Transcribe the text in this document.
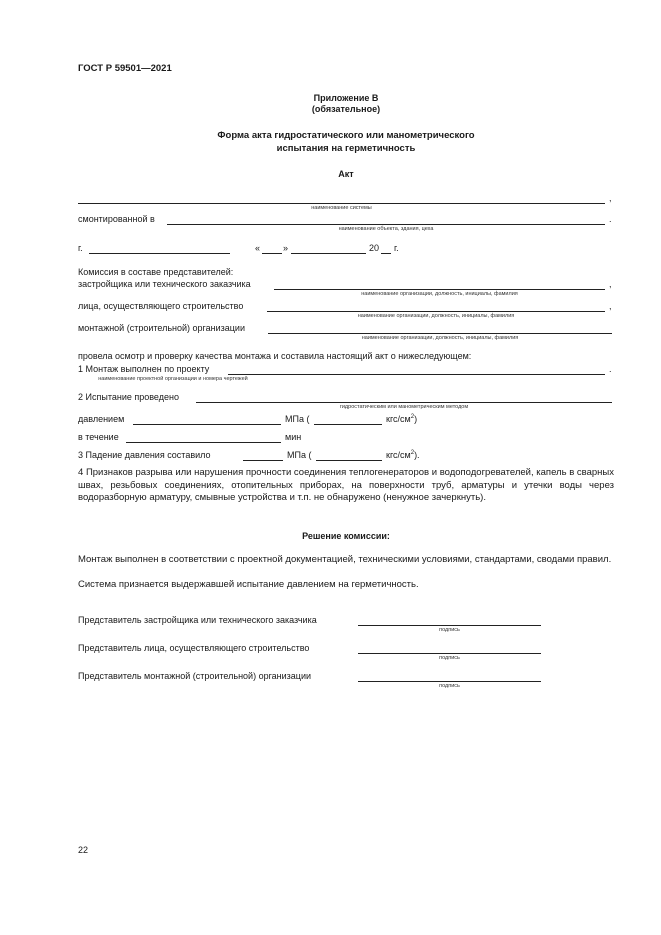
ГОСТ Р 59501—2021
Приложение В
(обязательное)
Форма акта гидростатического или манометрического
испытания на герметичность
Акт
,
наименование системы
смонтированной в	.
наименование объекта, здания, цеха
г.	«	»	20 г.
Комиссия в составе представителей:
застройщика или технического заказчика	,
наименование организации, должность, инициалы, фамилия
лица, осуществляющего строительство	,
наименование организации, должность, инициалы, фамилия
монтажной (строительной) организации
наименование организации, должность, инициалы, фамилия
провела осмотр и проверку качества монтажа и составила настоящий акт о нижеследующем:
1 Монтаж выполнен по проекту	.
наименование проектной организации и номера чертежей
2 Испытание проведено
гидростатическим или манометрическим методом
давлением	МПа (	кгс/$см^2$)
в течение	мин
3 Падение давления составило	МПа (	кгс/$см^2$).
4 Признаков разрыва или нарушения прочности соединения теплогенераторов и водоподогревателей, капель в сварных швах, резьбовых соединениях, отопительных приборах, на поверхности труб, арматуры и утечки воды через водоразборную арматуру, смывные устройства и т.п. не обнаружено (ненужное зачеркнуть).
Решение комиссии:
Монтаж выполнен в соответствии с проектной документацией, техническими условиями, стандартами, сводами правил.
Система признается выдержавшей испытание давлением на герметичность.
Представитель застройщика или технического заказчика
подпись
Представитель лица, осуществляющего строительство
подпись
Представитель монтажной (строительной) организации
подпись
22
